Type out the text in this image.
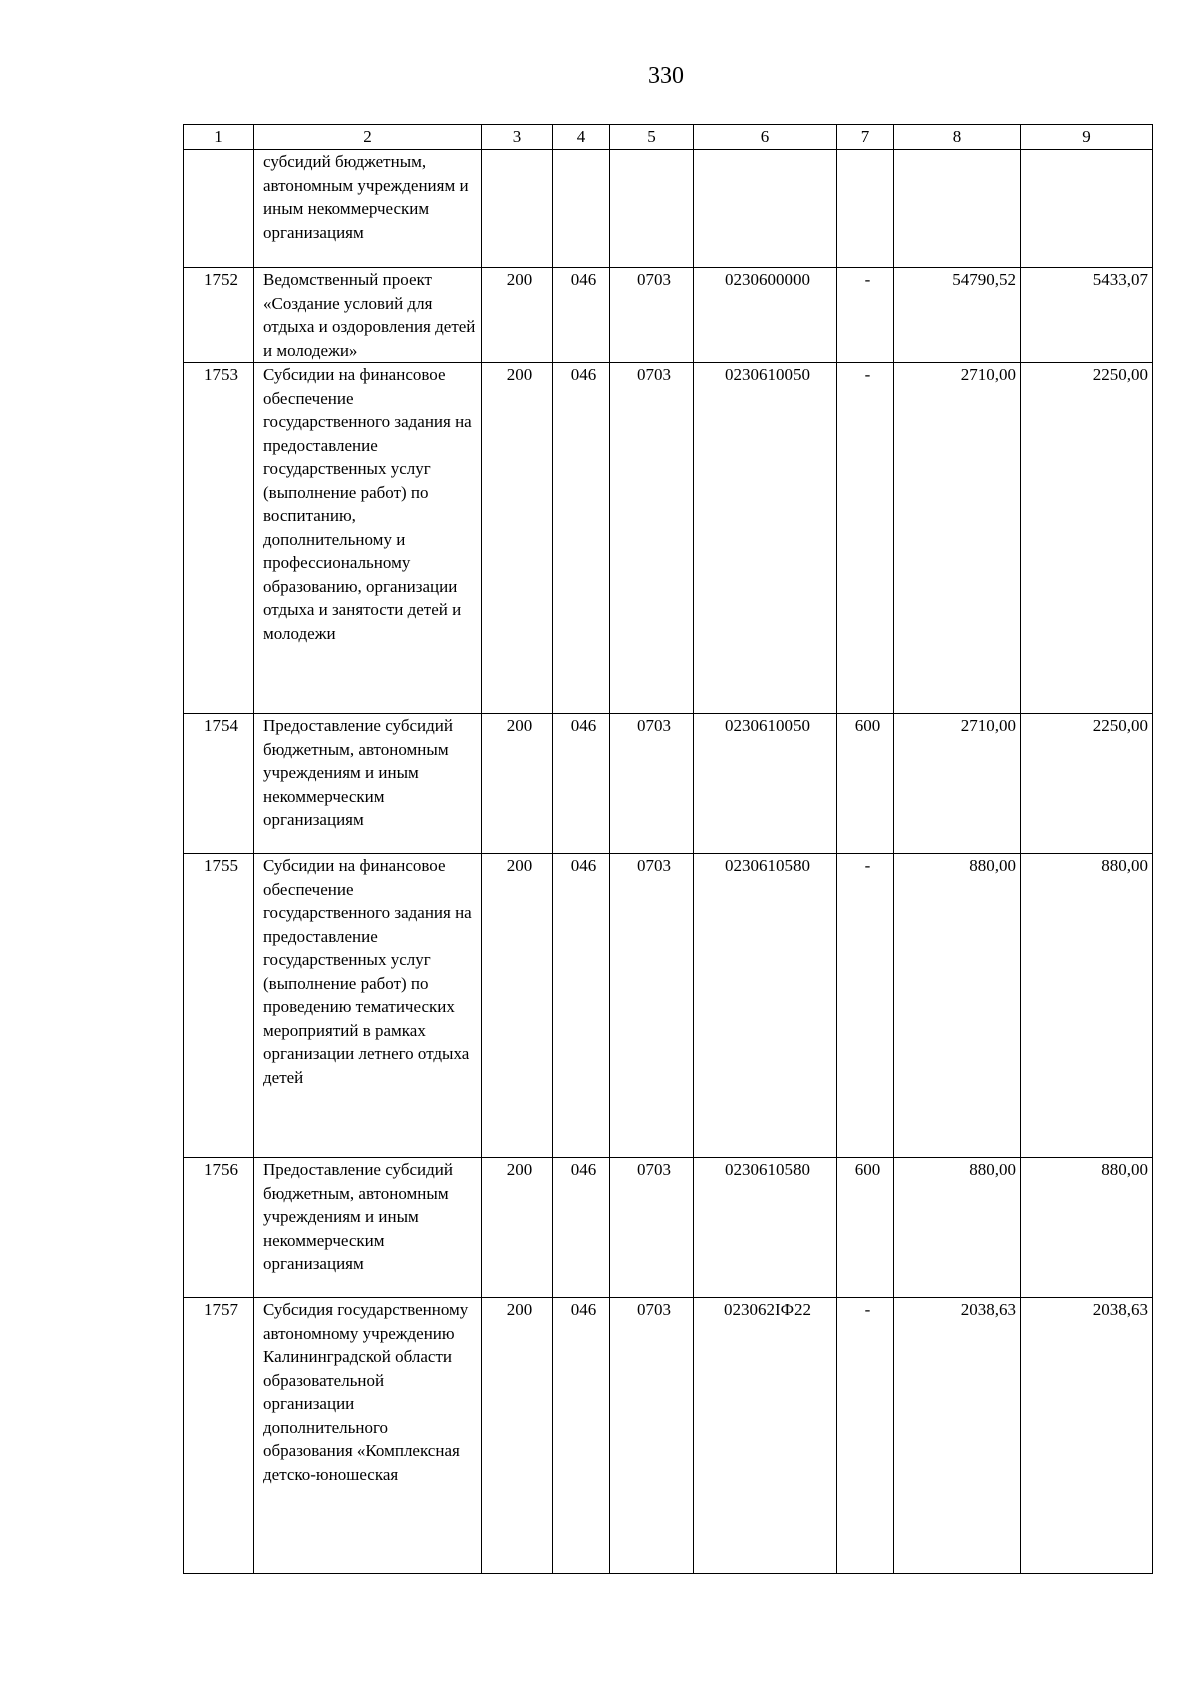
330
1	2	3	4	5	6	7	8	9
	субсидий бюджетным, автономным учреждениям и иным некоммерческим организациям							
1752	Ведомственный проект «Создание условий для отдыха и оздоровления детей и молодежи»	200	046	0703	0230600000	-	54790,52	5433,07
1753	Субсидии на финансовое обеспечение государственного задания на предоставление государственных услуг (выполнение работ) по воспитанию, дополнительному и профессиональному образованию, организации отдыха и занятости детей и молодежи	200	046	0703	0230610050	-	2710,00	2250,00
1754	Предоставление субсидий бюджетным, автономным учреждениям и иным некоммерческим организациям	200	046	0703	0230610050	600	2710,00	2250,00
1755	Субсидии на финансовое обеспечение государственного задания на предоставление государственных услуг (выполнение работ) по проведению тематических мероприятий в рамках организации летнего отдыха детей	200	046	0703	0230610580	-	880,00	880,00
1756	Предоставление субсидий бюджетным, автономным учреждениям и иным некоммерческим организациям	200	046	0703	0230610580	600	880,00	880,00
1757	Субсидия государственному автономному учреждению Калининградской области образовательной организации дополнительного образования «Комплексная детско-юношеская	200	046	0703	023062IФ22	-	2038,63	2038,63
